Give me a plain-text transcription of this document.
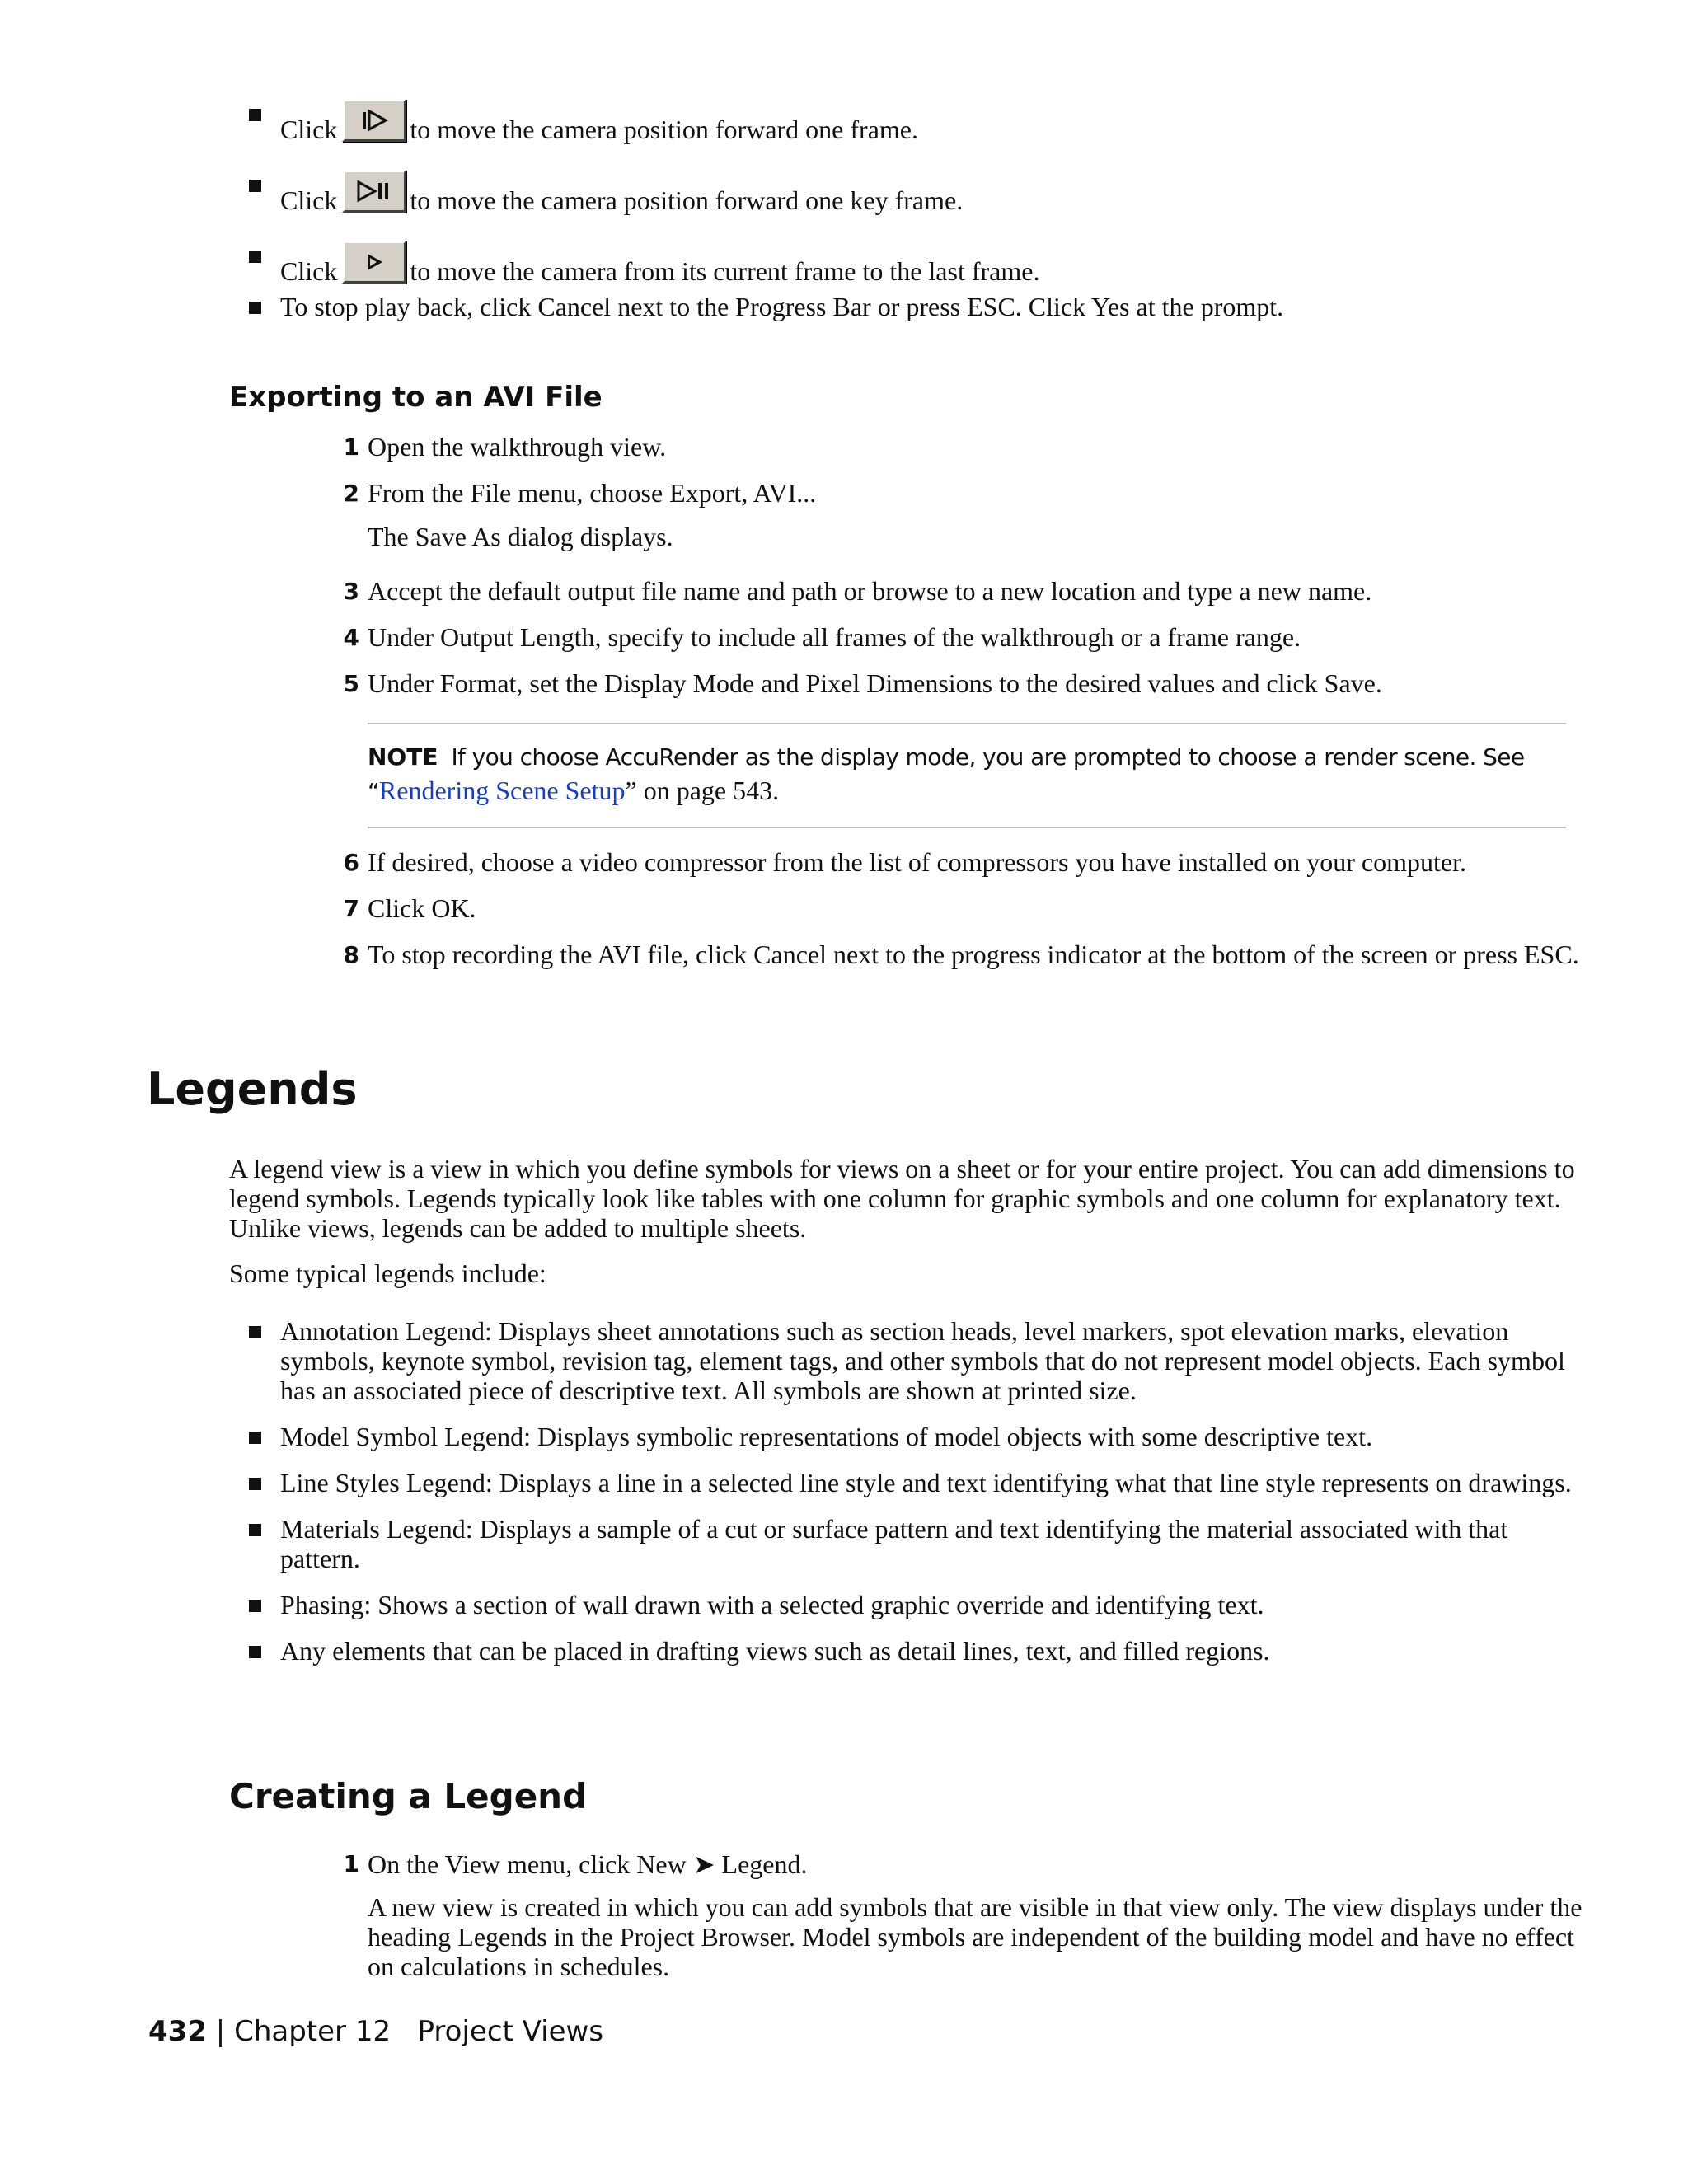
Click	to move the camera position forward one frame.

Click	to move the camera position forward one key frame.

Click	to move the camera from its current frame to the last frame.

To stop play back, click Cancel next to the Progress Bar or press ESC. Click Yes at the prompt.

Exporting to an AVI File

1 Open the walkthrough view.

2 From the File menu, choose Export, AVI...

The Save As dialog displays.

3 Accept the default output file name and path or browse to a new location and type a new name.

4 Under Output Length, specify to include all frames of the walkthrough or a frame range.

5 Under Format, set the Display Mode and Pixel Dimensions to the desired values and click Save.

NOTE If you choose AccuRender as the display mode, you are prompted to choose a render scene. See “Rendering Scene Setup” on page 543.

6 If desired, choose a video compressor from the list of compressors you have installed on your computer.

7 Click OK.

8 To stop recording the AVI file, click Cancel next to the progress indicator at the bottom of the screen or press ESC.

Legends

A legend view is a view in which you define symbols for views on a sheet or for your entire project. You can add dimensions to legend symbols. Legends typically look like tables with one column for graphic symbols and one column for explanatory text. Unlike views, legends can be added to multiple sheets.

Some typical legends include:

Annotation Legend: Displays sheet annotations such as section heads, level markers, spot elevation marks, elevation symbols, keynote symbol, revision tag, element tags, and other symbols that do not represent model objects. Each symbol has an associated piece of descriptive text. All symbols are shown at printed size.

Model Symbol Legend: Displays symbolic representations of model objects with some descriptive text.

Line Styles Legend: Displays a line in a selected line style and text identifying what that line style represents on drawings.

Materials Legend: Displays a sample of a cut or surface pattern and text identifying the material associated with that pattern.

Phasing: Shows a section of wall drawn with a selected graphic override and identifying text.

Any elements that can be placed in drafting views such as detail lines, text, and filled regions.

Creating a Legend

1 On the View menu, click New ➤ Legend.

A new view is created in which you can add symbols that are visible in that view only. The view displays under the heading Legends in the Project Browser. Model symbols are independent of the building model and have no effect on calculations in schedules.

432 | Chapter 12 Project Views
